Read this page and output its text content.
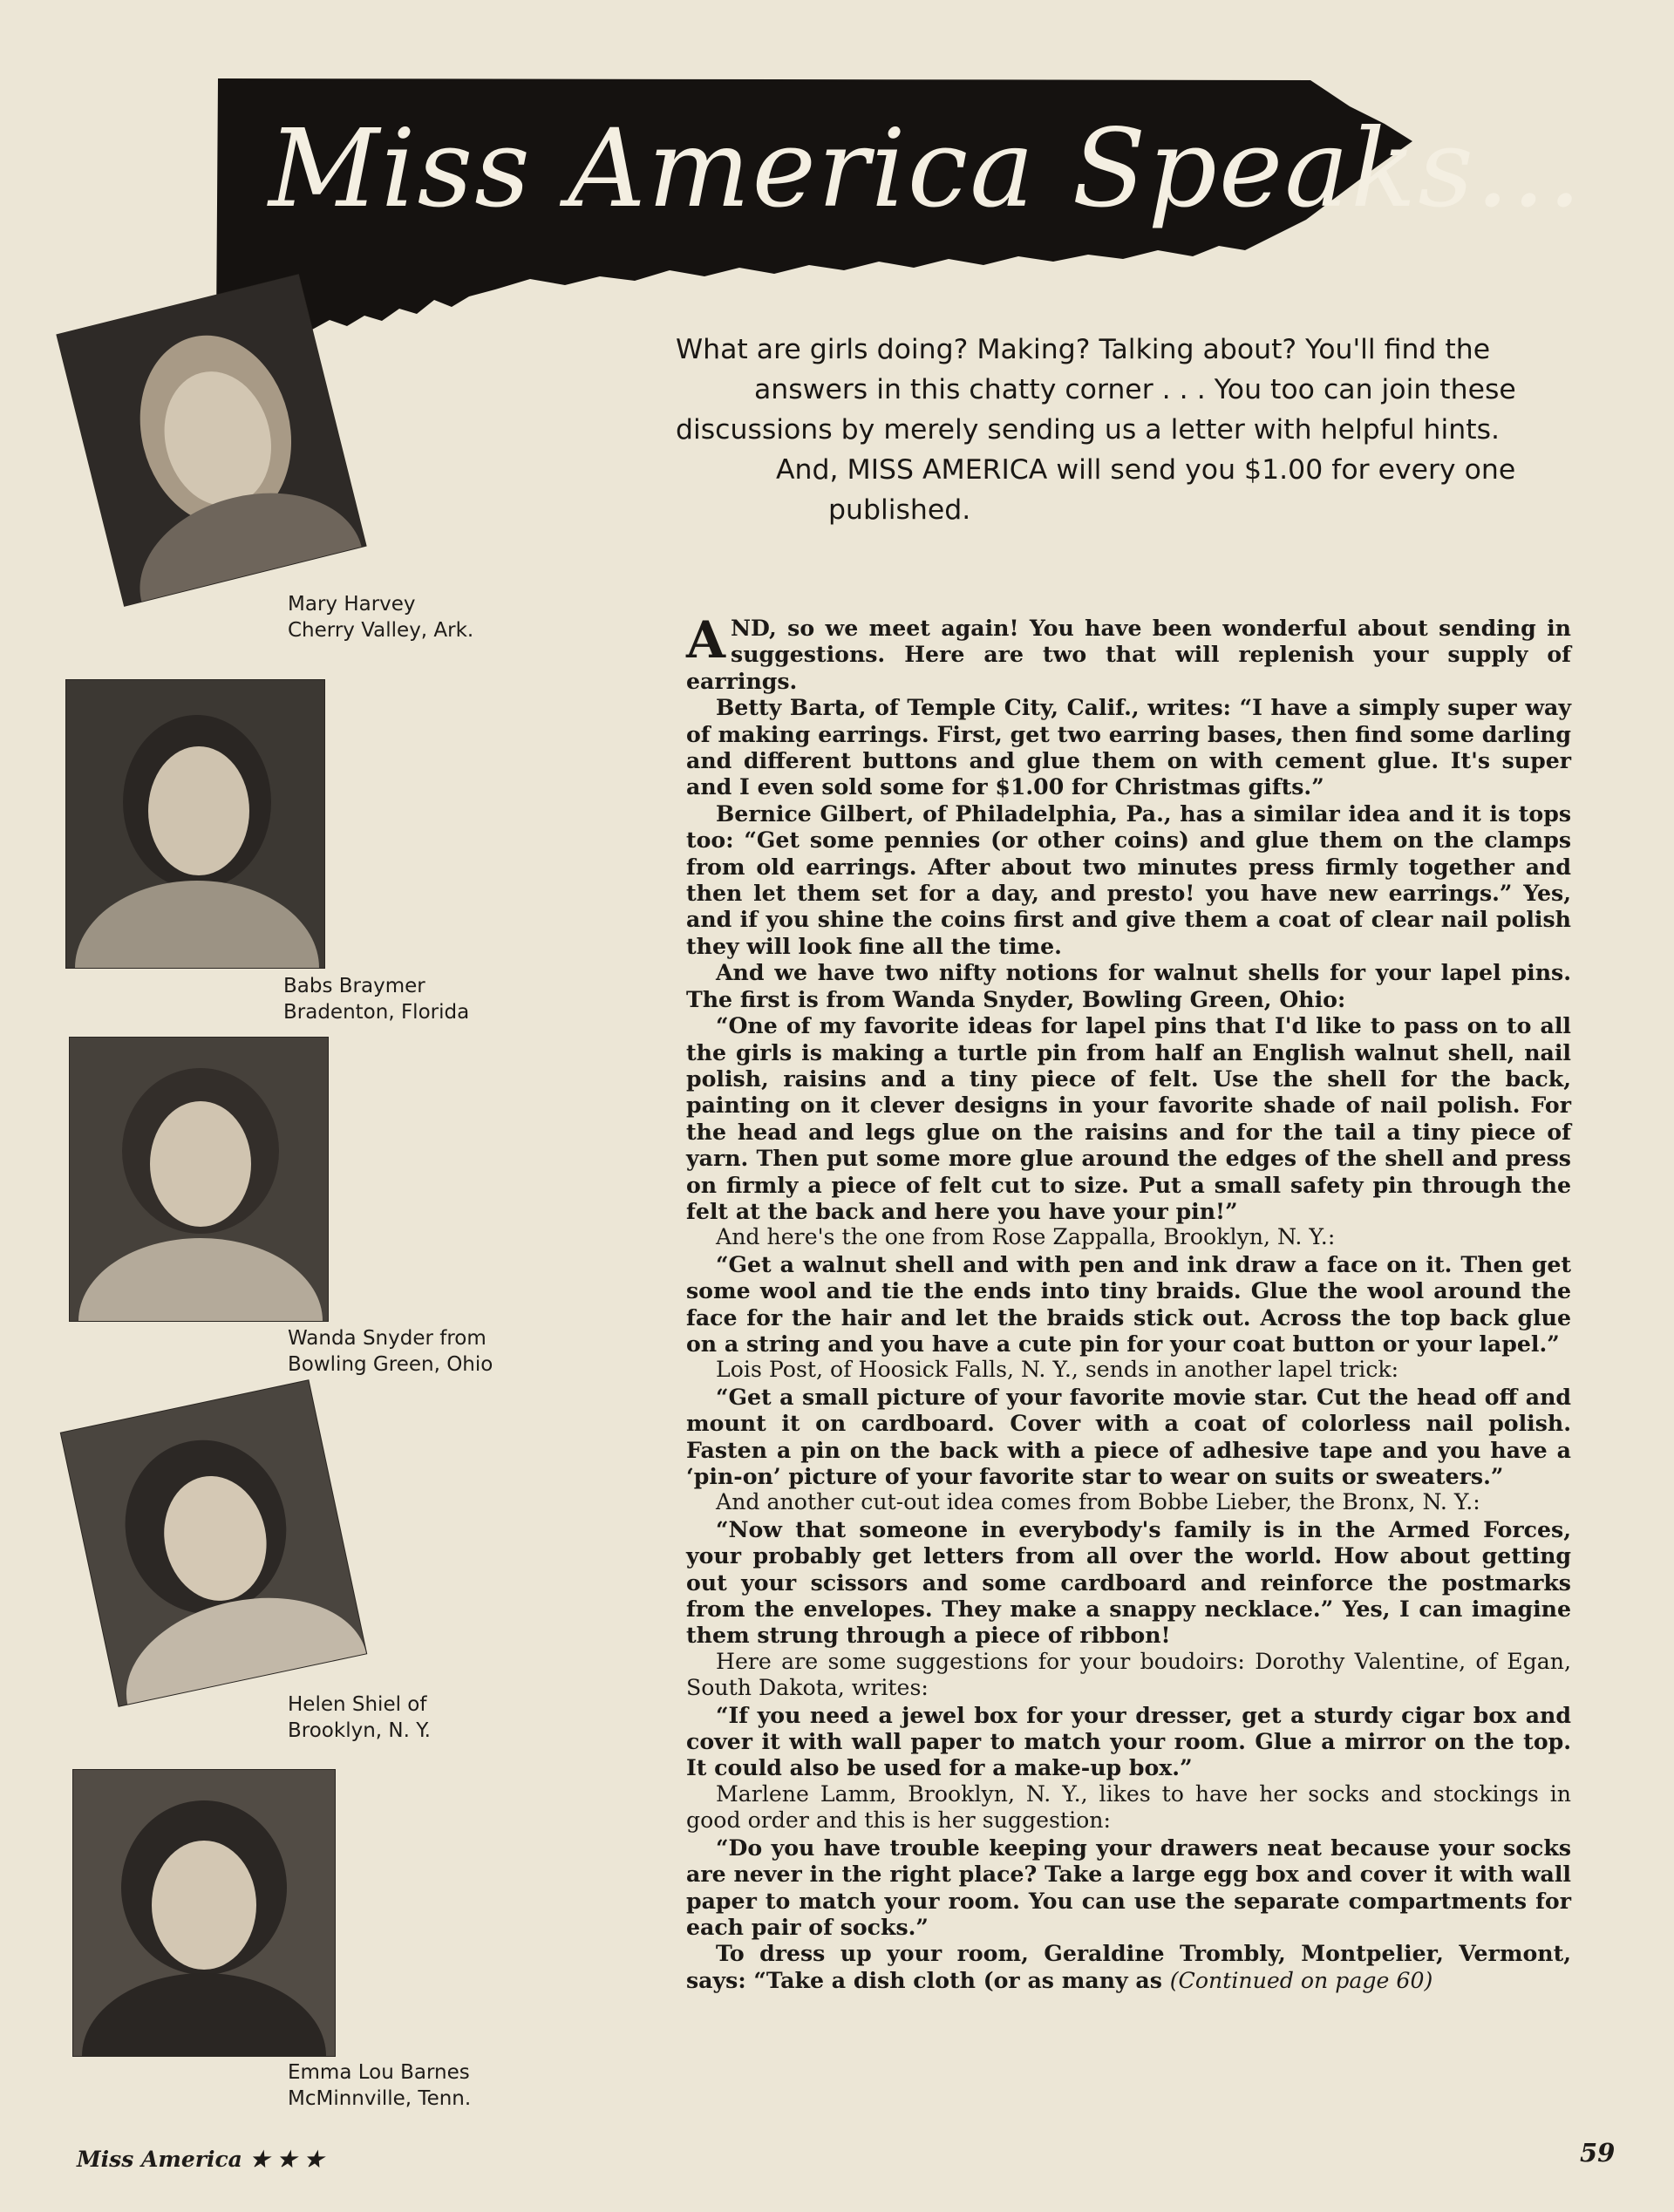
Miss America Speaks...
What are girls doing? Making? Talking about? You'll find the
answers in this chatty corner . . . You too can join these
discussions by merely sending us a letter with helpful hints.
And, MISS AMERICA will send you $1.00 for every one
published.
Mary Harvey
Cherry Valley, Ark.
Babs Braymer
Bradenton, Florida
Wanda Snyder from
Bowling Green, Ohio
Helen Shiel of
Brooklyn, N. Y.
Emma Lou Barnes
McMinnville, Tenn.

AND, so we meet again! You have been wonderful about sending in suggestions. Here are two that will replenish your supply of earrings.

Betty Barta, of Temple City, Calif., writes: “I have a simply super way of making earrings. First, get two earring bases, then find some darling and different buttons and glue them on with cement glue. It's super and I even sold some for $1.00 for Christmas gifts.”

Bernice Gilbert, of Philadelphia, Pa., has a similar idea and it is tops too: “Get some pennies (or other coins) and glue them on the clamps from old earrings. After about two minutes press firmly together and then let them set for a day, and presto! you have new earrings.” Yes, and if you shine the coins first and give them a coat of clear nail polish they will look fine all the time.

And we have two nifty notions for walnut shells for your lapel pins. The first is from Wanda Snyder, Bowling Green, Ohio:

“One of my favorite ideas for lapel pins that I'd like to pass on to all the girls is making a turtle pin from half an English walnut shell, nail polish, raisins and a tiny piece of felt. Use the shell for the back, painting on it clever designs in your favorite shade of nail polish. For the head and legs glue on the raisins and for the tail a tiny piece of yarn. Then put some more glue around the edges of the shell and press on firmly a piece of felt cut to size. Put a small safety pin through the felt at the back and here you have your pin!”

And here's the one from Rose Zappalla, Brooklyn, N. Y.:

“Get a walnut shell and with pen and ink draw a face on it. Then get some wool and tie the ends into tiny braids. Glue the wool around the face for the hair and let the braids stick out. Across the top back glue on a string and you have a cute pin for your coat button or your lapel.”

Lois Post, of Hoosick Falls, N. Y., sends in another lapel trick:

“Get a small picture of your favorite movie star. Cut the head off and mount it on cardboard. Cover with a coat of colorless nail polish. Fasten a pin on the back with a piece of adhesive tape and you have a ‘pin-on’ picture of your favorite star to wear on suits or sweaters.”

And another cut-out idea comes from Bobbe Lieber, the Bronx, N. Y.:

“Now that someone in everybody's family is in the Armed Forces, your probably get letters from all over the world. How about getting out your scissors and some cardboard and reinforce the postmarks from the envelopes. They make a snappy necklace.” Yes, I can imagine them strung through a piece of ribbon!

Here are some suggestions for your boudoirs: Dorothy Valentine, of Egan, South Dakota, writes:

“If you need a jewel box for your dresser, get a sturdy cigar box and cover it with wall paper to match your room. Glue a mirror on the top. It could also be used for a make-up box.”

Marlene Lamm, Brooklyn, N. Y., likes to have her socks and stockings in good order and this is her suggestion:

“Do you have trouble keeping your drawers neat because your socks are never in the right place? Take a large egg box and cover it with wall paper to match your room. You can use the separate compartments for each pair of socks.”

To dress up your room, Geraldine Trombly, Montpelier, Vermont, says: “Take a dish cloth (or as many as (Continued on page 60)

Miss America ★ ★ ★	59
